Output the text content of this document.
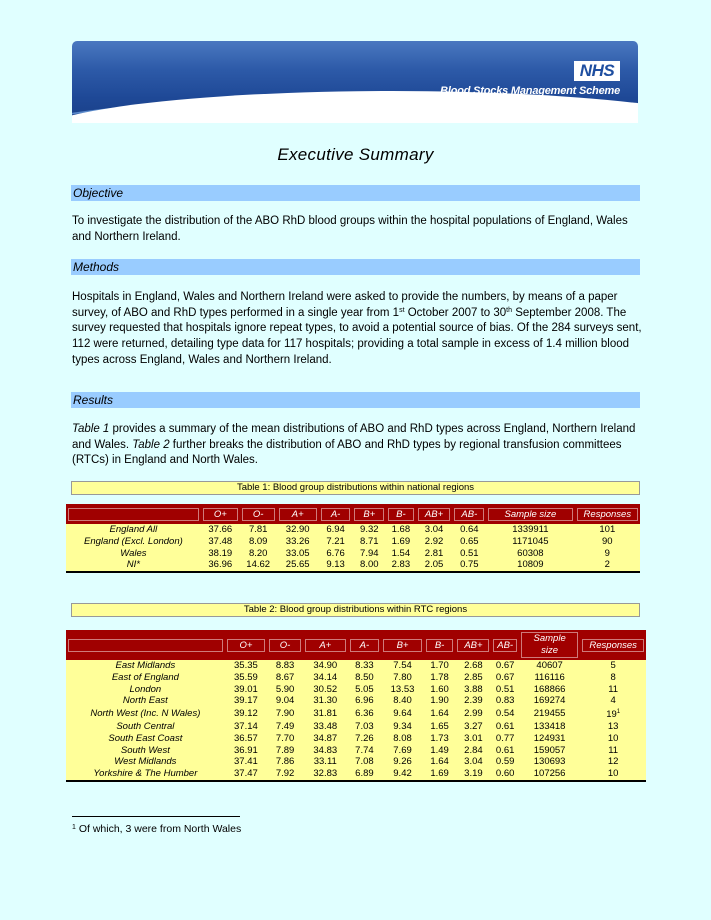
NHS
Blood Stocks Management Scheme
Executive Summary
Objective
To investigate the distribution of the ABO RhD blood groups within the hospital populations of England, Wales and Northern Ireland.
Methods
Hospitals in England, Wales and Northern Ireland were asked to provide the numbers, by means of a paper survey, of ABO and RhD types performed in a single year from 1st October 2007 to 30th September 2008. The survey requested that hospitals ignore repeat types, to avoid a potential source of bias. Of the 284 surveys sent, 112 were returned, detailing type data for 117 hospitals; providing a total sample in excess of 1.4 million blood types across England, Wales and Northern Ireland.
Results
Table 1 provides a summary of the mean distributions of ABO and RhD types across England, Northern Ireland and Wales. Table 2 further breaks the distribution of ABO and RhD types by regional transfusion committees (RTCs) in England and North Wales.
Table 1: Blood group distributions within national regions

	O+	O-	A+	A-	B+	B-	AB+	AB-	Sample size	Responses

England All	37.66	7.81	32.90	6.94	9.32	1.68	3.04	0.64	1339911	101
England (Excl. London)	37.48	8.09	33.26	7.21	8.71	1.69	2.92	0.65	1171045	90
Wales	38.19	8.20	33.05	6.76	7.94	1.54	2.81	0.51	60308	9
NI*	36.96	14.62	25.65	9.13	8.00	2.83	2.05	0.75	10809	2
Table 2: Blood group distributions within RTC regions

	O+	O-	A+	A-	B+	B-	AB+	AB-	Sample size	Responses

East Midlands	35.35	8.83	34.90	8.33	7.54	1.70	2.68	0.67	40607	5
East of England	35.59	8.67	34.14	8.50	7.80	1.78	2.85	0.67	116116	8
London	39.01	5.90	30.52	5.05	13.53	1.60	3.88	0.51	168866	11
North East	39.17	9.04	31.30	6.96	8.40	1.90	2.39	0.83	169274	4
North West (Inc. N Wales)	39.12	7.90	31.81	6.36	9.64	1.64	2.99	0.54	219455	$19^1$
South Central	37.14	7.49	33.48	7.03	9.34	1.65	3.27	0.61	133418	13
South East Coast	36.57	7.70	34.87	7.26	8.08	1.73	3.01	0.77	124931	10
South West	36.91	7.89	34.83	7.74	7.69	1.49	2.84	0.61	159057	11
West Midlands	37.41	7.86	33.11	7.08	9.26	1.64	3.04	0.59	130693	12
Yorkshire & The Humber	37.47	7.92	32.83	6.89	9.42	1.69	3.19	0.60	107256	10
$^1$ Of which, 3 were from North Wales
